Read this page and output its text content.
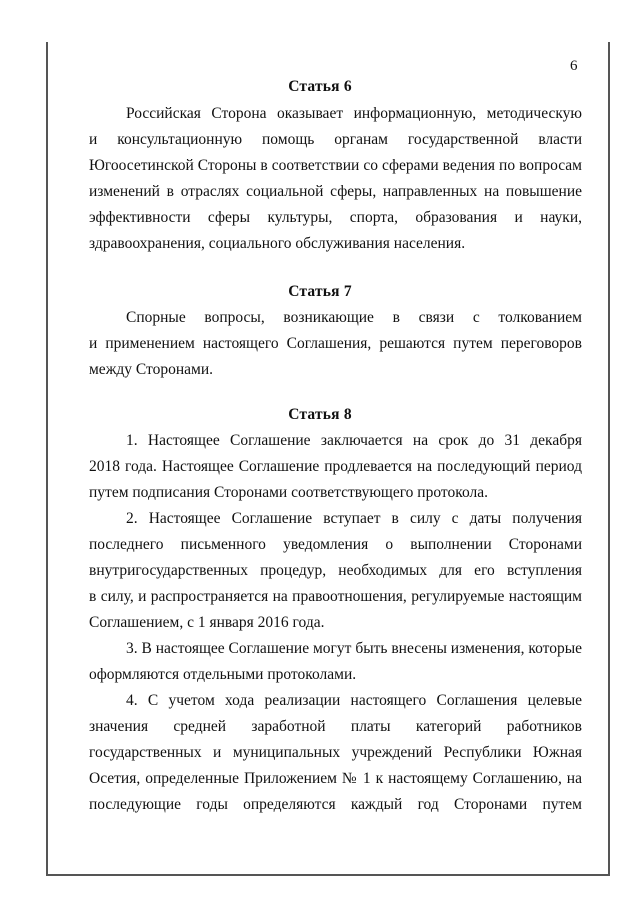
6
Статья 6
Российская Сторона оказывает информационную, методическую
и консультационную помощь органам государственной власти
Югоосетинской Стороны в соответствии со сферами ведения по вопросам
изменений в отраслях социальной сферы, направленных на повышение
эффективности сферы культуры, спорта, образования и науки,
здравоохранения, социального обслуживания населения.
Статья 7
Спорные вопросы, возникающие в связи с толкованием
и применением настоящего Соглашения, решаются путем переговоров
между Сторонами.
Статья 8
1. Настоящее Соглашение заключается на срок до 31 декабря
2018 года. Настоящее Соглашение продлевается на последующий период
путем подписания Сторонами соответствующего протокола.
2. Настоящее Соглашение вступает в силу с даты получения
последнего письменного уведомления о выполнении Сторонами
внутригосударственных процедур, необходимых для его вступления
в силу, и распространяется на правоотношения, регулируемые настоящим
Соглашением, с 1 января 2016 года.
3. В настоящее Соглашение могут быть внесены изменения, которые
оформляются отдельными протоколами.
4. С учетом хода реализации настоящего Соглашения целевые
значения средней заработной платы категорий работников
государственных и муниципальных учреждений Республики Южная
Осетия, определенные Приложением № 1 к настоящему Соглашению, на
последующие годы определяются каждый год Сторонами путем
